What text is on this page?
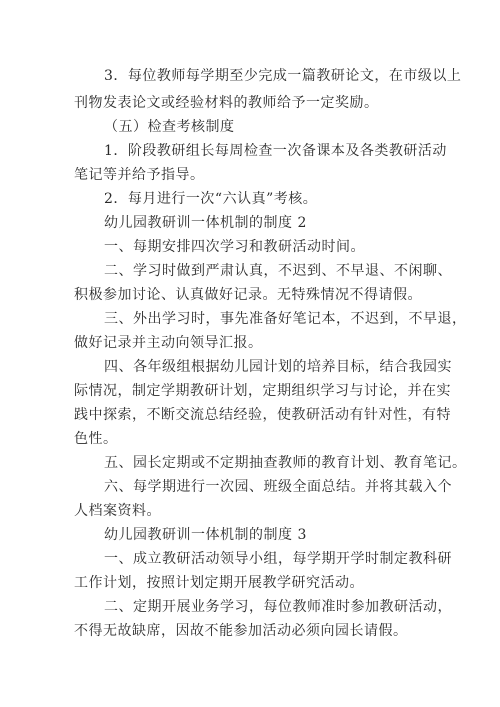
3．每位教师每学期至少完成一篇教研论文，在市级以上
刊物发表论文或经验材料的教师给予一定奖励。
（五）检查考核制度
1．阶段教研组长每周检查一次备课本及各类教研活动
笔记等并给予指导。
2．每月进行一次“六认真”考核。
幼儿园教研训一体机制的制度 2
一、每期安排四次学习和教研活动时间。
二、学习时做到严肃认真，不迟到、不早退、不闲聊、
积极参加讨论、认真做好记录。无特殊情况不得请假。
三、外出学习时，事先准备好笔记本，不迟到，不早退，
做好记录并主动向领导汇报。
四、各年级组根据幼儿园计划的培养目标，结合我园实
际情况，制定学期教研计划，定期组织学习与讨论，并在实
践中探索，不断交流总结经验，使教研活动有针对性，有特
色性。
五、园长定期或不定期抽查教师的教育计划、教育笔记。
六、每学期进行一次园、班级全面总结。并将其载入个
人档案资料。
幼儿园教研训一体机制的制度 3
一、成立教研活动领导小组，每学期开学时制定教科研
工作计划，按照计划定期开展教学研究活动。
二、定期开展业务学习，每位教师准时参加教研活动，
不得无故缺席，因故不能参加活动必须向园长请假。
